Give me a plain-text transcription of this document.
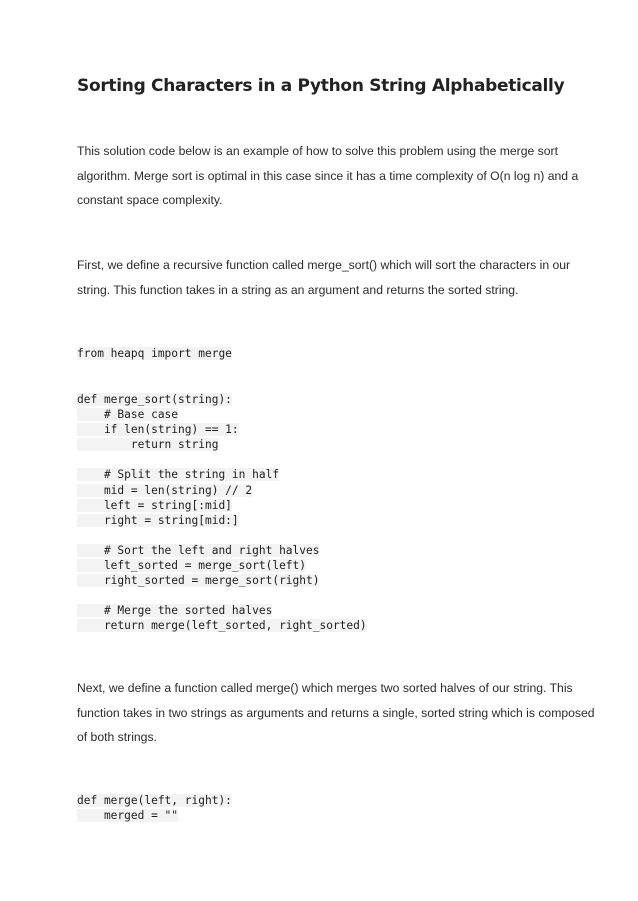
Sorting Characters in a Python String Alphabetically
This solution code below is an example of how to solve this problem using the merge sort
algorithm. Merge sort is optimal in this case since it has a time complexity of O(n log n) and a
constant space complexity.
First, we define a recursive function called merge_sort() which will sort the characters in our
string. This function takes in a string as an argument and returns the sorted string.
from heapq import merge
def merge_sort(string):
# Base case
if len(string) == 1:
return string
# Split the string in half
mid = len(string) // 2
left = string[:mid]
right = string[mid:]
# Sort the left and right halves
left_sorted = merge_sort(left)
right_sorted = merge_sort(right)
# Merge the sorted halves
return merge(left_sorted, right_sorted)
Next, we define a function called merge() which merges two sorted halves of our string. This
function takes in two strings as arguments and returns a single, sorted string which is composed
of both strings.
def merge(left, right):
merged = ""
